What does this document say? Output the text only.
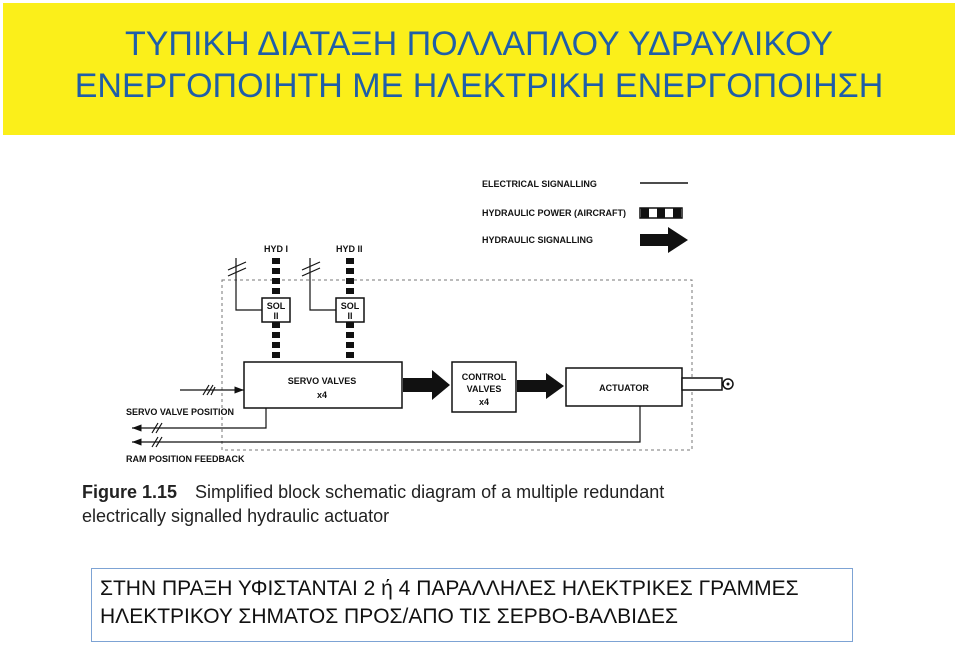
ΤΥΠΙΚΗ ΔΙΑΤΑΞΗ ΠΟΛΛΑΠΛΟΥ ΥΔΡΑΥΛΙΚΟΥ
ΕΝΕΡΓΟΠΟΙΗΤΗ ΜΕ ΗΛΕΚΤΡΙΚΗ ΕΝΕΡΓΟΠΟΙΗΣΗ
ELECTRICAL SIGNALLING
HYDRAULIC POWER (AIRCRAFT)
HYDRAULIC SIGNALLING
HYD I	HYD II
SOL
II
SOL
II
SERVO VALVES
x4
CONTROL
VALVES
x4
ACTUATOR
SERVO VALVE POSITION
RAM POSITION FEEDBACK
Figure 1.15 Simplified block schematic diagram of a multiple redundant
electrically signalled hydraulic actuator
ΣΤΗΝ ΠΡΑΞΗ ΥΦΙΣΤΑΝΤΑΙ 2 ή 4 ΠΑΡΑΛΛΗΛΕΣ ΗΛΕΚΤΡΙΚΕΣ ΓΡΑΜΜΕΣ
ΗΛΕΚΤΡΙΚΟΥ ΣΗΜΑΤΟΣ ΠΡΟΣ/ΑΠΟ ΤΙΣ ΣΕΡΒΟ-ΒΑΛΒΙΔΕΣ
